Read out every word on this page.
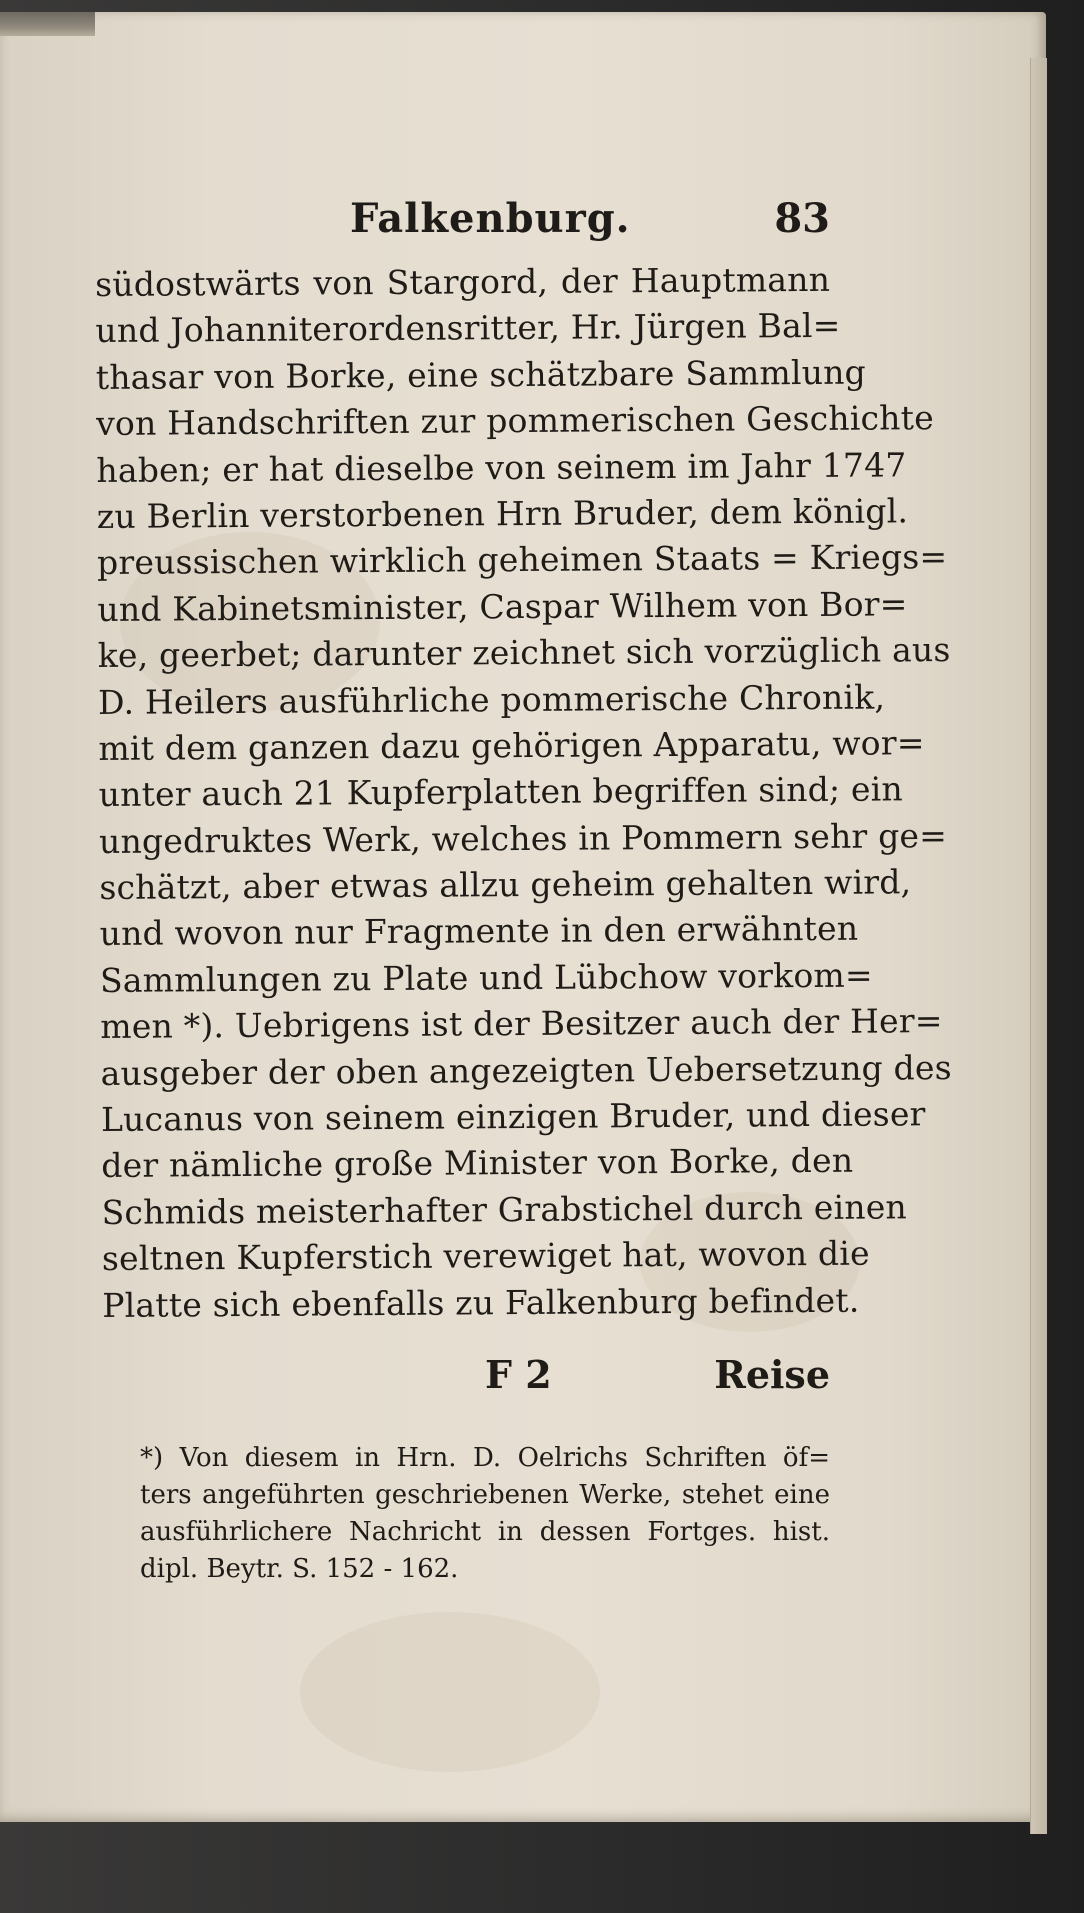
Falkenburg.	83
südostwärts von Stargord, der Hauptmann
und Johanniterordensritter, Hr. Jürgen Bal=
thasar von Borke, eine schätzbare Sammlung
von Handschriften zur pommerischen Geschichte
haben; er hat dieselbe von seinem im Jahr 1747
zu Berlin verstorbenen Hrn Bruder, dem königl.
preussischen wirklich geheimen Staats = Kriegs=
und Kabinetsminister, Caspar Wilhem von Bor=
ke, geerbet; darunter zeichnet sich vorzüglich aus
D. Heilers ausführliche pommerische Chronik,
mit dem ganzen dazu gehörigen Apparatu, wor=
unter auch 21 Kupferplatten begriffen sind; ein
ungedruktes Werk, welches in Pommern sehr ge=
schätzt, aber etwas allzu geheim gehalten wird,
und wovon nur Fragmente in den erwähnten
Sammlungen zu Plate und Lübchow vorkom=
men *). Uebrigens ist der Besitzer auch der Her=
ausgeber der oben angezeigten Uebersetzung des
Lucanus von seinem einzigen Bruder, und dieser
der nämliche große Minister von Borke, den
Schmids meisterhafter Grabstichel durch einen
seltnen Kupferstich verewiget hat, wovon die
Platte sich ebenfalls zu Falkenburg befindet.
F 2	Reise
*) Von diesem in Hrn. D. Oelrichs Schriften öf=
ters angeführten geschriebenen Werke, stehet eine
ausführlichere Nachricht in dessen Fortges. hist.
dipl. Beytr. S. 152 - 162.
